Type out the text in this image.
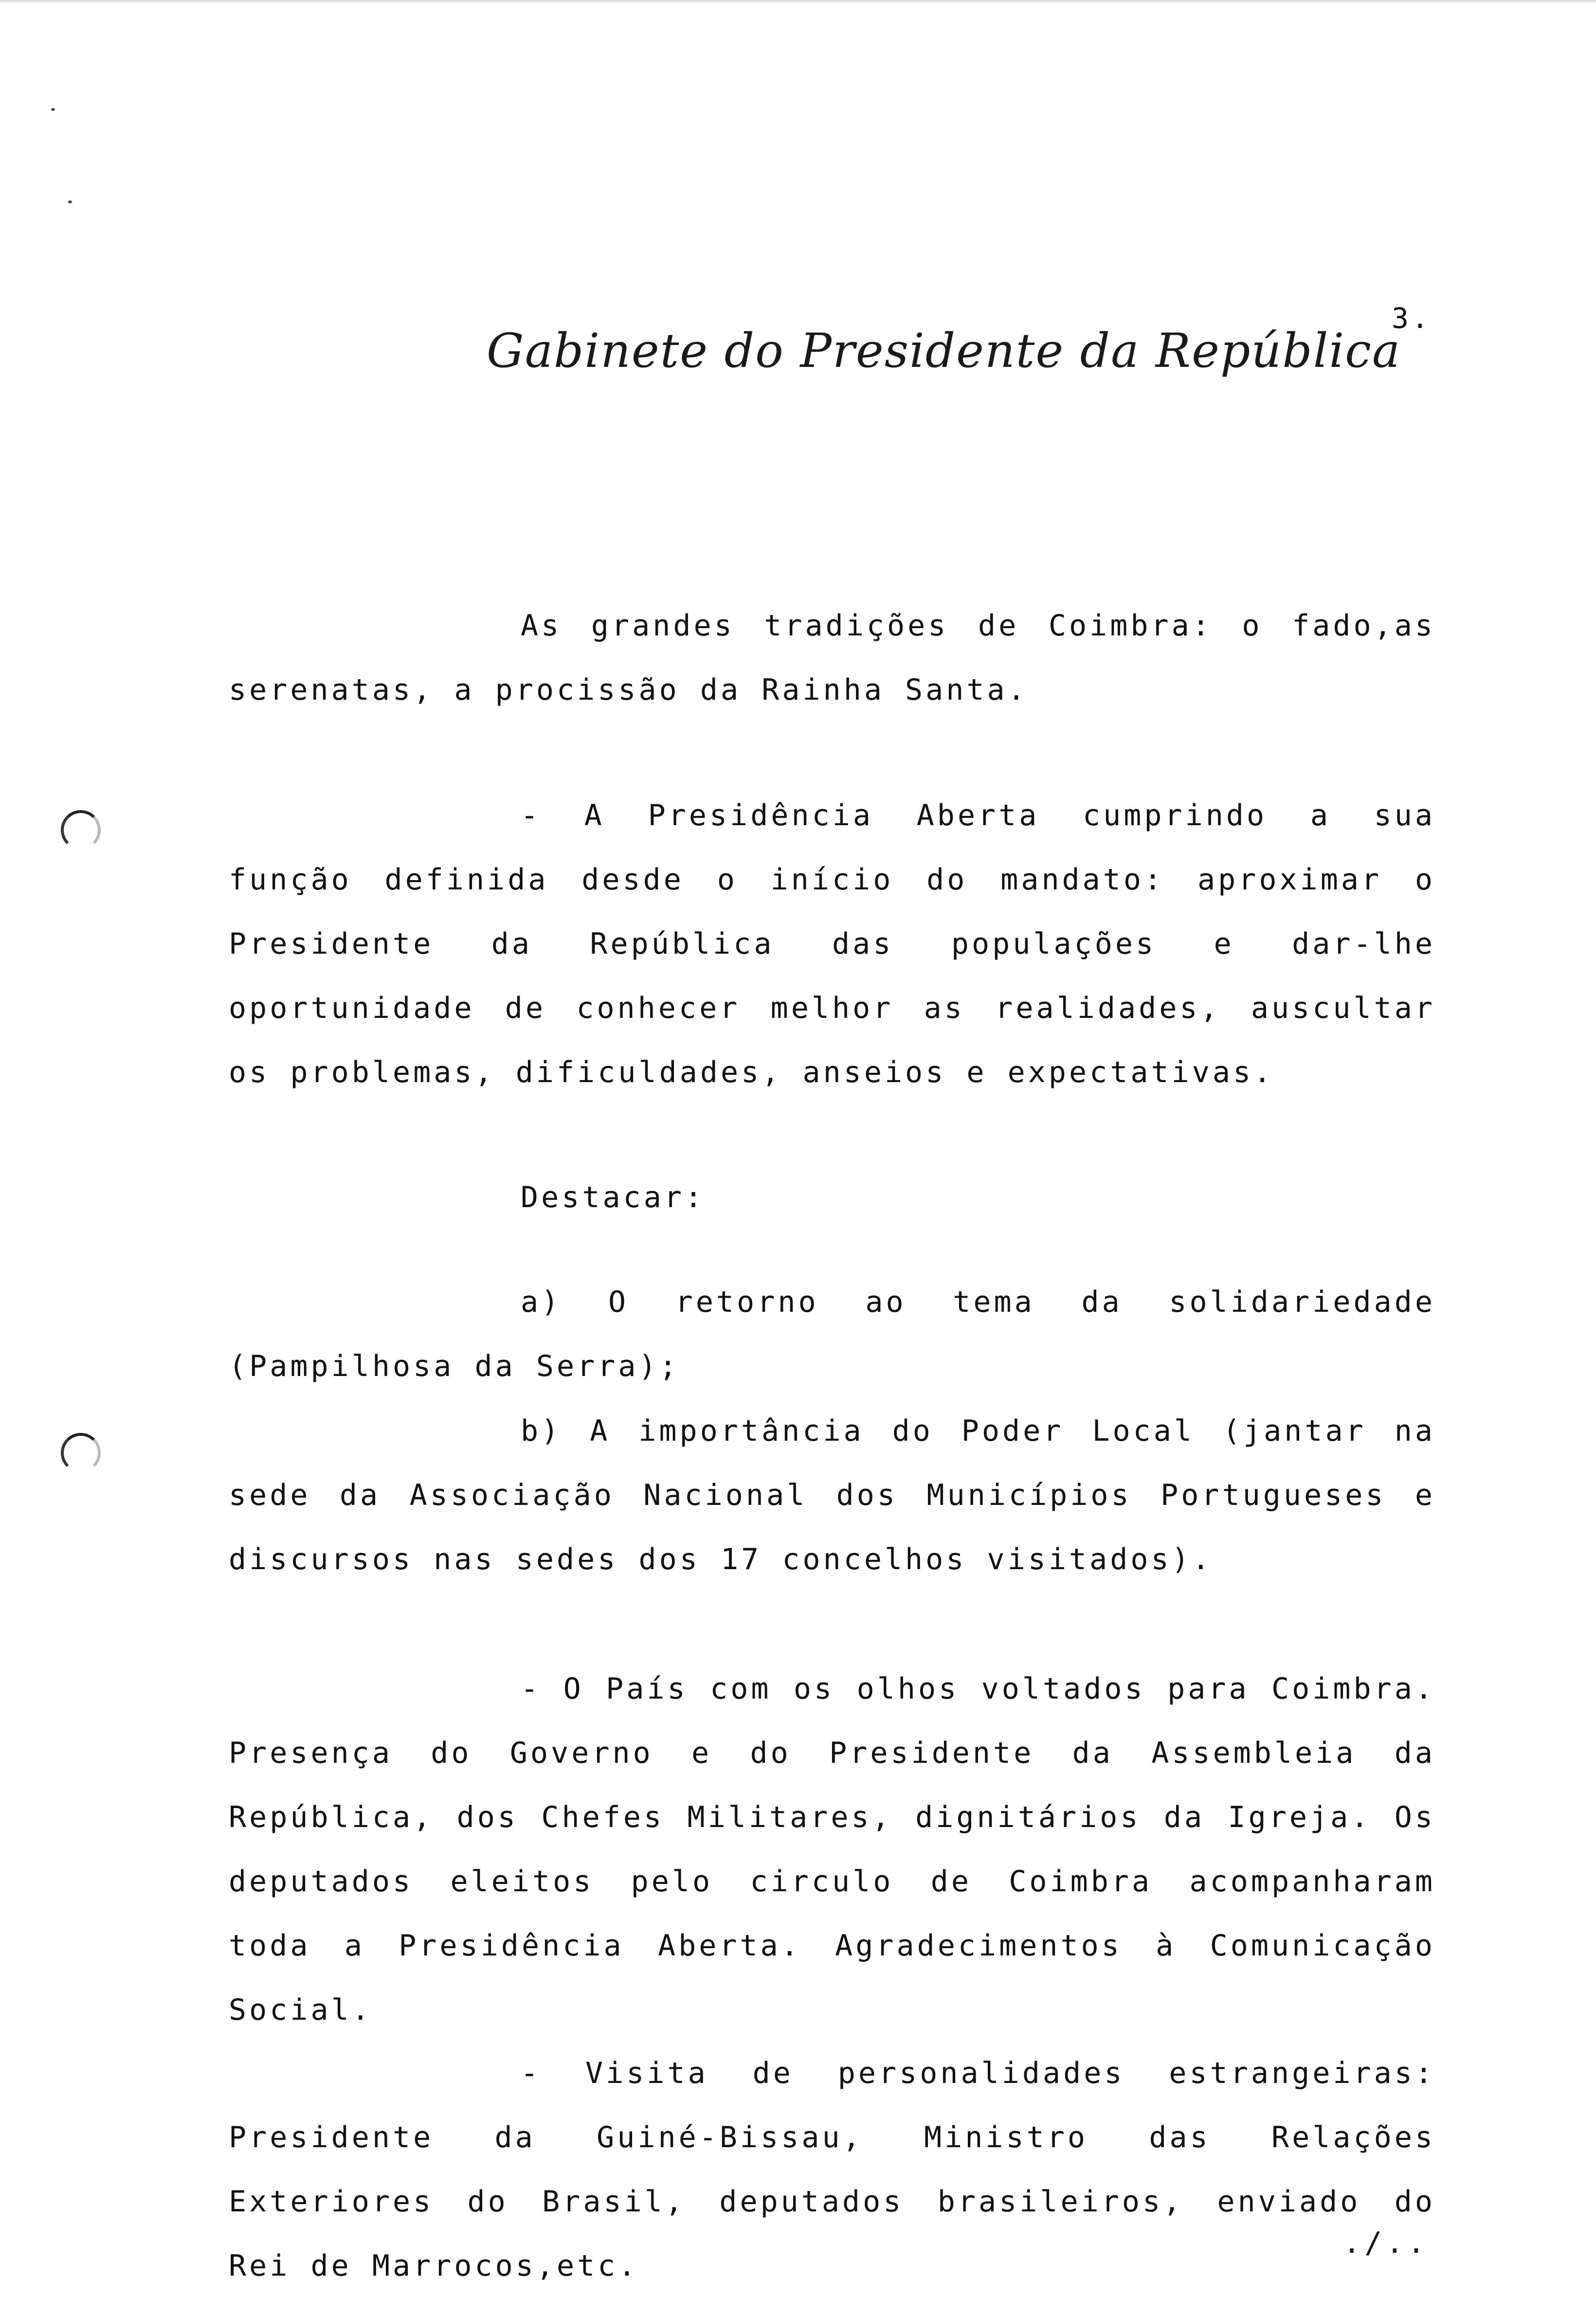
3.
Gabinete do Presidente da República

As grandes tradições de Coimbra: o fado,as serenatas, a procissão da Rainha Santa.

- A Presidência Aberta cumprindo a sua função definida desde o início do mandato: aproximar o Presidente da República das populações e dar-lhe oportunidade de conhecer melhor as realidades, auscultar os problemas, dificuldades, anseios e expectativas.

Destacar:

a) O retorno ao tema da solidariedade (Pampilhosa da Serra);

b) A importância do Poder Local (jantar na sede da Associação Nacional dos Municípios Portugueses e discursos nas sedes dos 17 concelhos visitados).

- O País com os olhos voltados para Coimbra. Presença do Governo e do Presidente da Assembleia da República, dos Chefes Militares, dignitários da Igreja. Os deputados eleitos pelo circulo de Coimbra acompanharam toda a Presidência Aberta. Agradecimentos à Comunicação Social.

- Visita de personalidades estrangeiras: Presidente da Guiné-Bissau, Ministro das Relações Exteriores do Brasil, deputados brasileiros, enviado do Rei de Marrocos,etc.

./..
